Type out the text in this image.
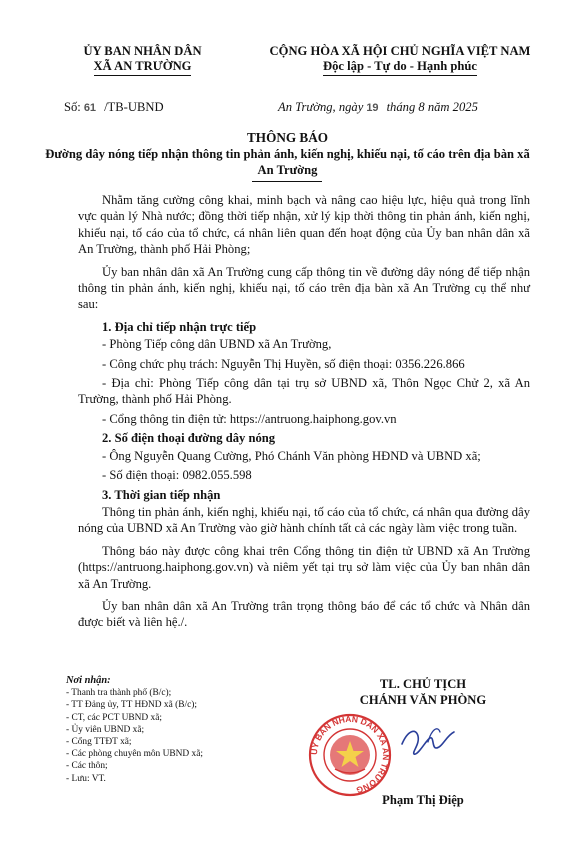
ỦY BAN NHÂN DÂN
XÃ AN TRƯỜNG
CỘNG HÒA XÃ HỘI CHỦ NGHĨA VIỆT NAM
Độc lập - Tự do - Hạnh phúc
Số: 61 /TB-UBND	An Trường, ngày 19 tháng 8 năm 2025
THÔNG BÁO
Đường dây nóng tiếp nhận thông tin phản ánh, kiến nghị, khiếu nại, tố cáo trên địa bàn xã An Trường

Nhằm tăng cường công khai, minh bạch và nâng cao hiệu lực, hiệu quả trong lĩnh vực quản lý Nhà nước; đồng thời tiếp nhận, xử lý kịp thời thông tin phản ánh, kiến nghị, khiếu nại, tố cáo của tổ chức, cá nhân liên quan đến hoạt động của Ủy ban nhân dân xã An Trường, thành phố Hải Phòng;

Ủy ban nhân dân xã An Trường cung cấp thông tin về đường dây nóng để tiếp nhận thông tin phản ánh, kiến nghị, khiếu nại, tố cáo trên địa bàn xã An Trường cụ thể như sau:

1. Địa chỉ tiếp nhận trực tiếp

- Phòng Tiếp công dân UBND xã An Trường,

- Công chức phụ trách: Nguyễn Thị Huyền, số điện thoại: 0356.226.866

- Địa chỉ: Phòng Tiếp công dân tại trụ sở UBND xã, Thôn Ngọc Chử 2, xã An Trường, thành phố Hải Phòng.

- Cổng thông tin điện tử: https://antruong.haiphong.gov.vn

2. Số điện thoại đường dây nóng

- Ông Nguyễn Quang Cường, Phó Chánh Văn phòng HĐND và UBND xã;

- Số điện thoại: 0982.055.598

3. Thời gian tiếp nhận

Thông tin phản ánh, kiến nghị, khiếu nại, tố cáo của tổ chức, cá nhân qua đường dây nóng của UBND xã An Trường vào giờ hành chính tất cả các ngày làm việc trong tuần.

Thông báo này được công khai trên Cổng thông tin điện tử UBND xã An Trường (https://antruong.haiphong.gov.vn) và niêm yết tại trụ sở làm việc của Ủy ban nhân dân xã An Trường.

Ủy ban nhân dân xã An Trường trân trọng thông báo để các tổ chức và Nhân dân được biết và liên hệ./.

Nơi nhận:
- Thanh tra thành phố (B/c);
- TT Đảng ủy, TT HĐND xã (B/c);
- CT, các PCT UBND xã;
- Ủy viên UBND xã;
- Cổng TTĐT xã;
- Các phòng chuyên môn UBND xã;
- Các thôn;
- Lưu: VT.
TL. CHỦ TỊCH
CHÁNH VĂN PHÒNG
ỦY BAN NHÂN DÂN XÃ AN TRƯỜNG
Phạm Thị Điệp
